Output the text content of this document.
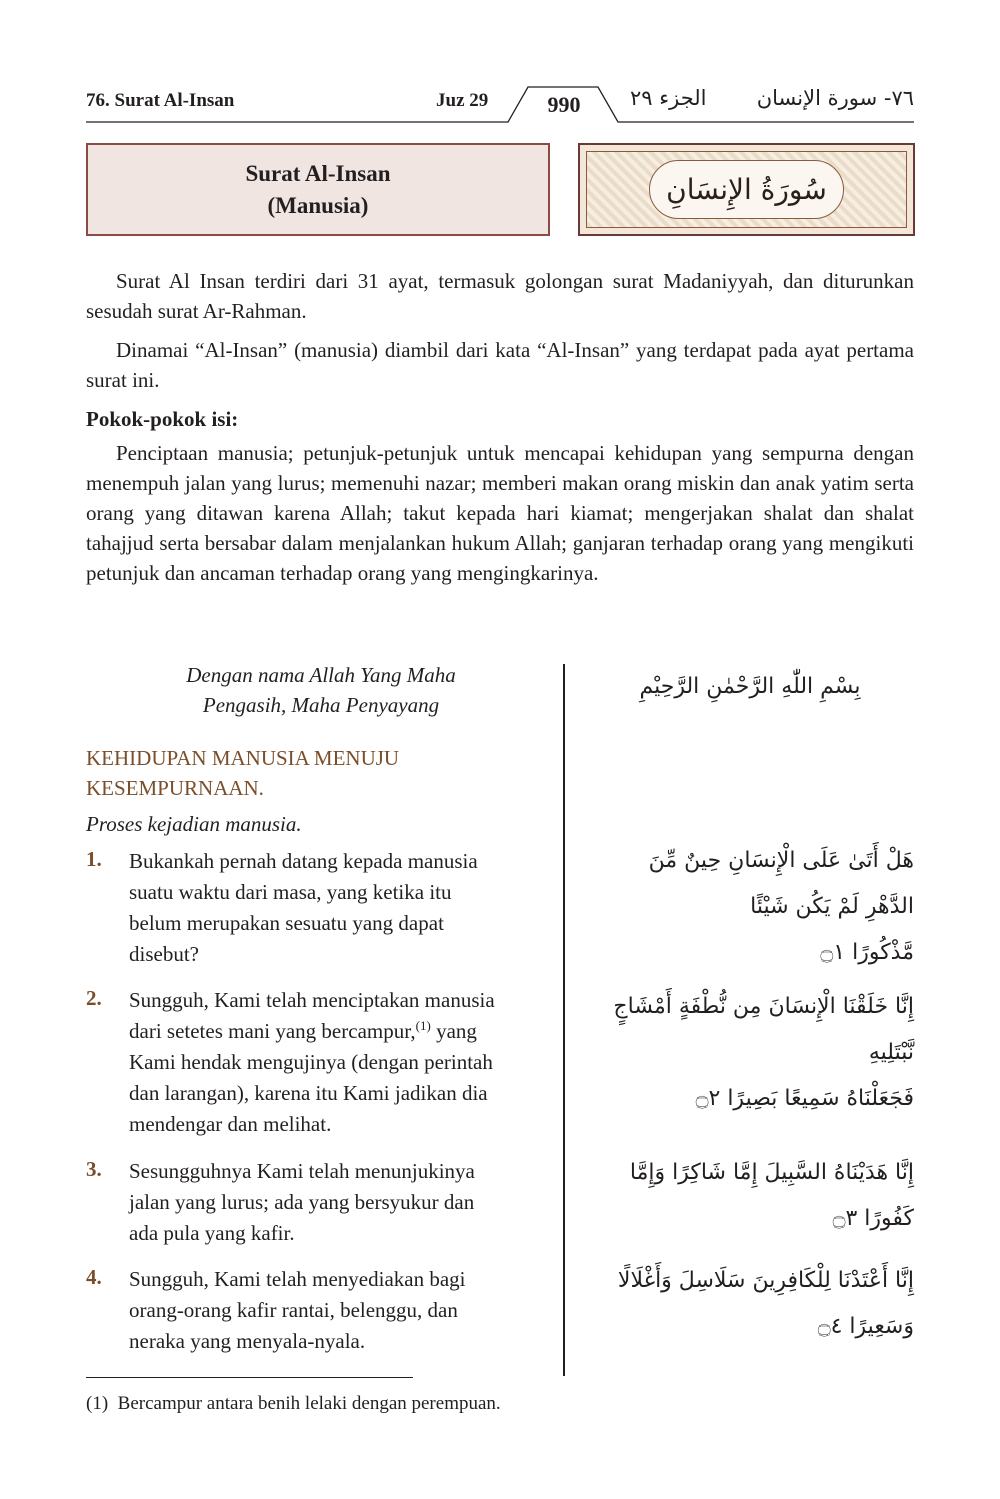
76. Surat Al-Insan	Juz 29	990	الجزء ٢٩ ٧٦- سورة الإنسان
Surat Al-Insan
(Manusia)	سُورَةُ الإِنسَانِ
Surat Al Insan terdiri dari 31 ayat, termasuk golongan surat Madaniyyah, dan diturunkan sesudah surat Ar-Rahman.
Dinamai “Al-Insan” (manusia) diambil dari kata “Al-Insan” yang terdapat pada ayat pertama surat ini.
Pokok-pokok isi:
Penciptaan manusia; petunjuk-petunjuk untuk mencapai kehidupan yang sempurna dengan menempuh jalan yang lurus; memenuhi nazar; memberi makan orang miskin dan anak yatim serta orang yang ditawan karena Allah; takut kepada hari kiamat; mengerjakan shalat dan shalat tahajjud serta bersabar dalam menjalankan hukum Allah; ganjaran terhadap orang yang mengikuti petunjuk dan ancaman terhadap orang yang mengingkarinya.
Dengan nama Allah Yang Maha
Pengasih, Maha Penyayang
بِسْمِ اللّٰهِ الرَّحْمٰنِ الرَّحِيْمِ
KEHIDUPAN MANUSIA MENUJU
KESEMPURNAAN.
Proses kejadian manusia.
1. Bukankah pernah datang kepada manusia
suatu waktu dari masa, yang ketika itu
belum merupakan sesuatu yang dapat
disebut?
هَلْ أَتَىٰ عَلَى الْإِنسَانِ حِينٌ مِّنَ الدَّهْرِ لَمْ يَكُن شَيْئًا
مَّذْكُورًا ۝١
2. Sungguh, Kami telah menciptakan manusia
dari setetes mani yang bercampur,$^{(1)}$ yang
Kami hendak mengujinya (dengan perintah
dan larangan), karena itu Kami jadikan dia
mendengar dan melihat.
إِنَّا خَلَقْنَا الْإِنسَانَ مِن نُّطْفَةٍ أَمْشَاجٍ نَّبْتَلِيهِ
فَجَعَلْنَاهُ سَمِيعًا بَصِيرًا ۝٢
3. Sesungguhnya Kami telah menunjukinya
jalan yang lurus; ada yang bersyukur dan
ada pula yang kafir.
إِنَّا هَدَيْنَاهُ السَّبِيلَ إِمَّا شَاكِرًا وَإِمَّا كَفُورًا ۝٣
4. Sungguh, Kami telah menyediakan bagi
orang-orang kafir rantai, belenggu, dan
neraka yang menyala-nyala.
إِنَّا أَعْتَدْنَا لِلْكَافِرِينَ سَلَاسِلَ وَأَغْلَالًا وَسَعِيرًا ۝٤
(1) Bercampur antara benih lelaki dengan perempuan.
